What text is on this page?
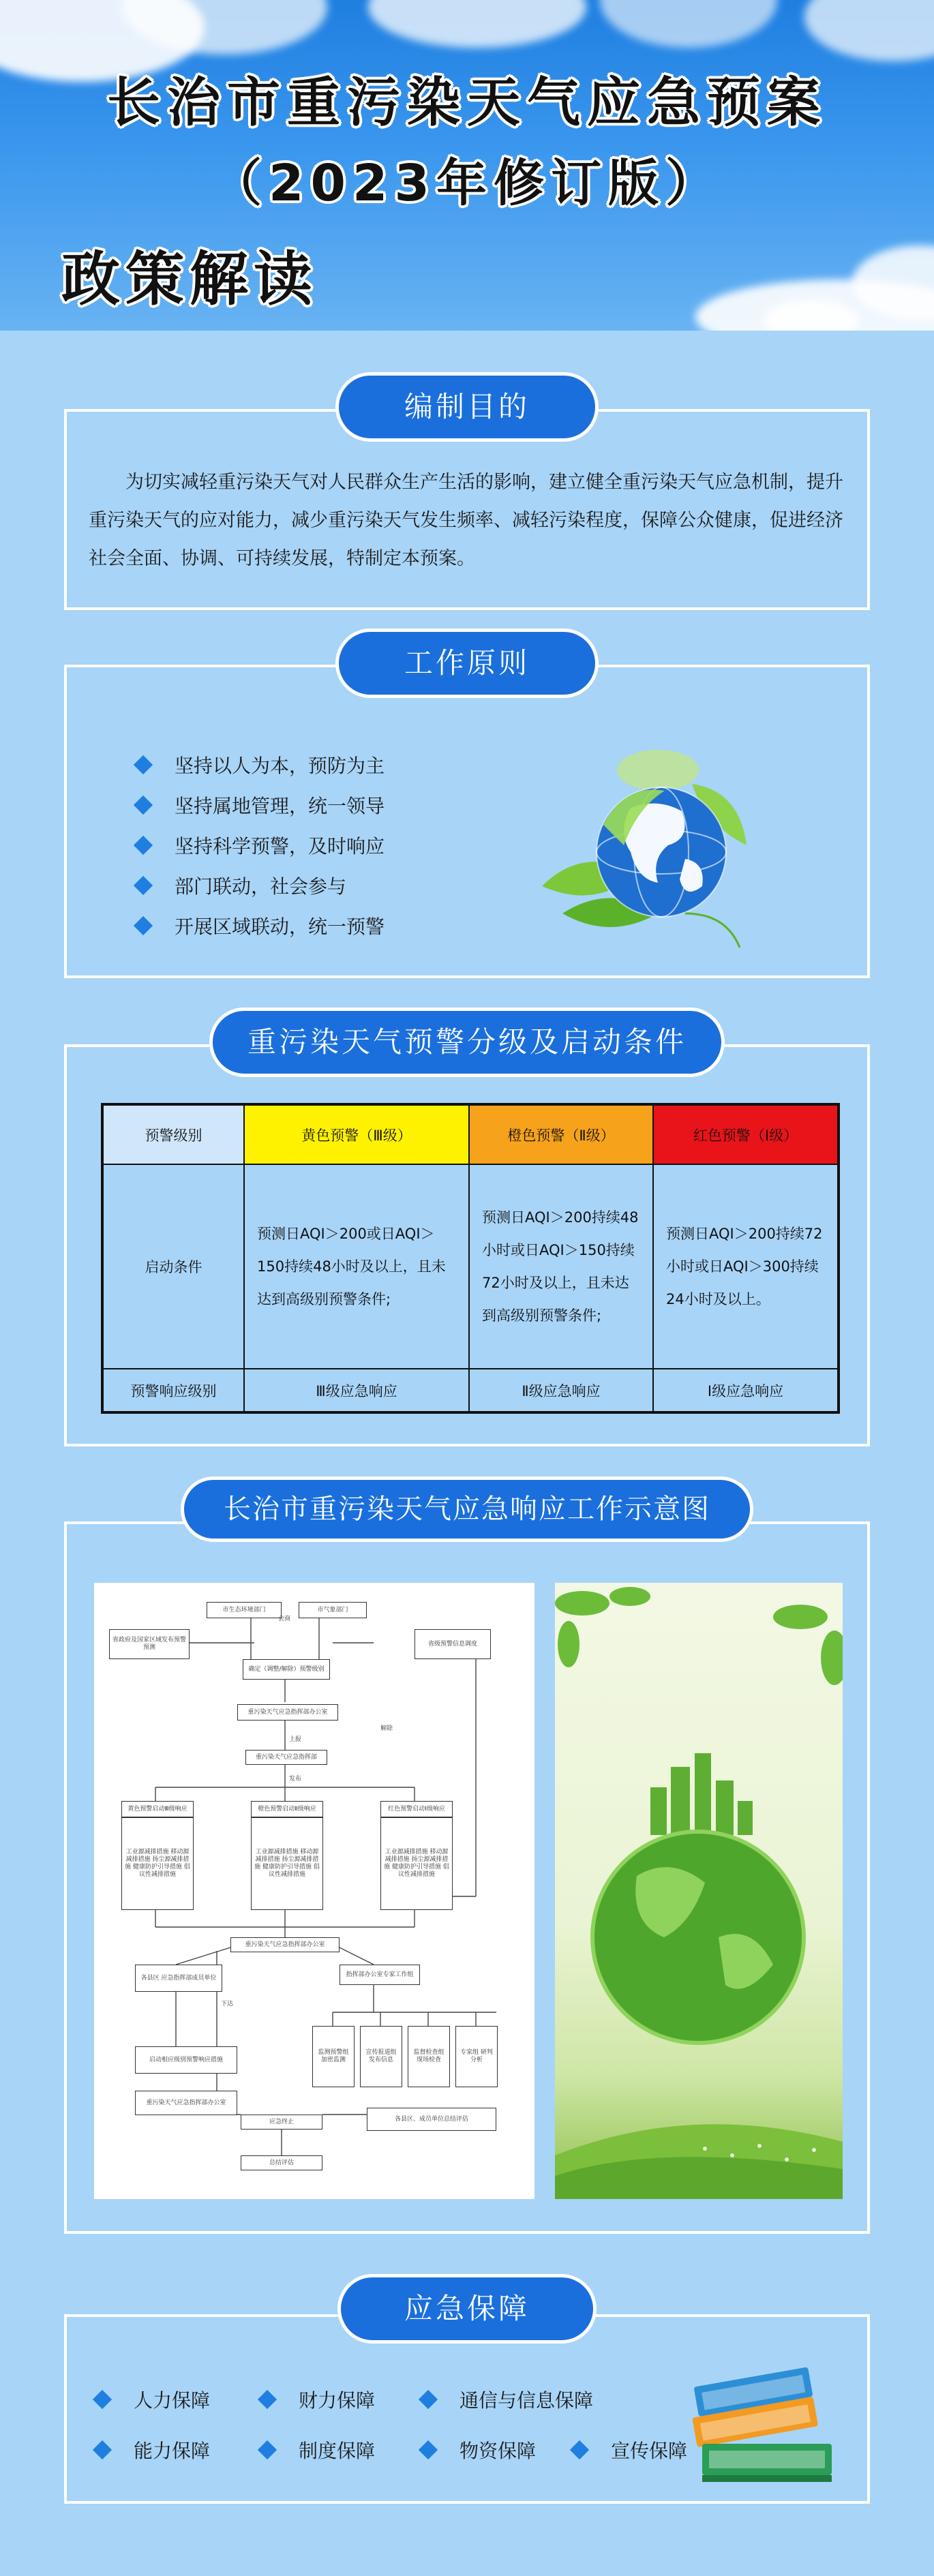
长治市重污染天气应急预案
（2023年修订版）
政策解读
编制目的
为切实减轻重污染天气对人民群众生产生活的影响，建立健全重污染天气应急机制，提升重污染天气的应对能力，减少重污染天气发生频率、减轻污染程度，保障公众健康，促进经济社会全面、协调、可持续发展，特制定本预案。
工作原则
坚持以人为本，预防为主
坚持属地管理，统一领导
坚持科学预警，及时响应
部门联动，社会参与
开展区域联动，统一预警
重污染天气预警分级及启动条件
预警级别	黄色预警（Ⅲ级）	橙色预警（Ⅱ级）	红色预警（Ⅰ级）
启动条件	预测日AQI＞200或日AQI＞150持续48小时及以上，且未达到高级别预警条件;	预测日AQI＞200持续48小时或日AQI＞150持续72小时及以上，且未达到高级别预警条件;	预测日AQI＞200持续72小时或日AQI＞300持续24小时及以上。
预警响应级别	Ⅲ级应急响应	Ⅱ级应急响应	Ⅰ级应急响应
长治市重污染天气应急响应工作示意图
市生态环境部门	市气象部门
省政府及国家区域发布预警预测
省级预警信息调度
确定（调整/解除）预警级别
重污染天气应急指挥部办公室
重污染天气应急指挥部
黄色预警启动Ⅲ级响应	橙色预警启动Ⅱ级响应	红色预警启动Ⅰ级响应
工业源减排措施 移动源减排措施 扬尘源减排措施 健康防护引导措施 倡议性减排措施
工业源减排措施 移动源减排措施 扬尘源减排措施 健康防护引导措施 倡议性减排措施
工业源减排措施 移动源减排措施 扬尘源减排措施 健康防护引导措施 倡议性减排措施
重污染天气应急指挥部办公室
各县区 应急指挥部成员单位	指挥部办公室专家工作组
启动相应级别预警响应措施
监测预警组 加密监测
宣传报道组 发布信息
监督检查组 现场检查
专家组 研判分析
重污染天气应急指挥部办公室
应急终止	各县区、成员单位总结评估
总结评估
会商
发布
上报
下达
解除
应急保障
人力保障	财力保障	通信与信息保障
能力保障	制度保障	物资保障	宣传保障
